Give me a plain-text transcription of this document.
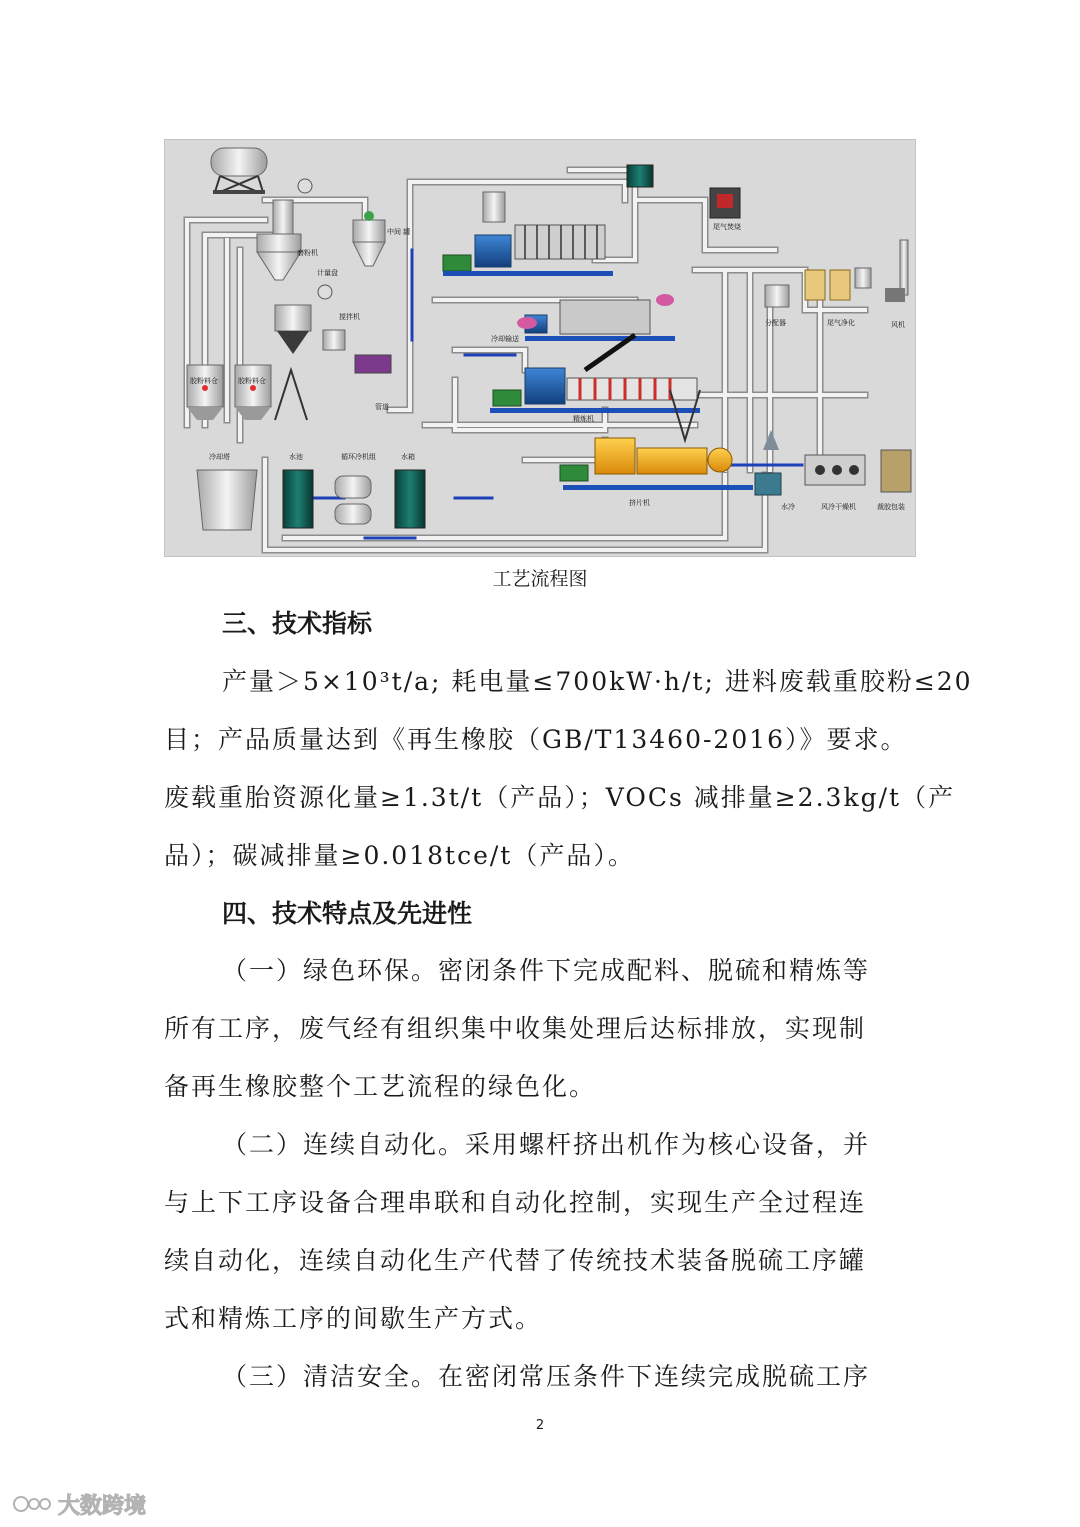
磨粉机
计量盘
中间 罐
搅拌机
管道
胶粉料仓	胶粉料仓
尾气焚烧
冷却输送
分配器	尾气净化	风机
精炼机
挤片机
冷却塔	水池	循环冷机组	水箱
水冷	风冷干燥机	裁胶包装
工艺流程图
三、技术指标
产量＞5×10³t/a; 耗电量≤700kW·h/t; 进料废载重胶粉≤20
目；产品质量达到《再生橡胶（GB/T13460-2016）》要求。
废载重胎资源化量≥1.3t/t（产品）；VOCs 减排量≥2.3kg/t（产
品）；碳减排量≥0.018tce/t（产品）。
四、技术特点及先进性
（一）绿色环保。密闭条件下完成配料、脱硫和精炼等
所有工序，废气经有组织集中收集处理后达标排放，实现制
备再生橡胶整个工艺流程的绿色化。
（二）连续自动化。采用螺杆挤出机作为核心设备，并
与上下工序设备合理串联和自动化控制，实现生产全过程连
续自动化，连续自动化生产代替了传统技术装备脱硫工序罐
式和精炼工序的间歇生产方式。
（三）清洁安全。在密闭常压条件下连续完成脱硫工序
2
大数跨境
